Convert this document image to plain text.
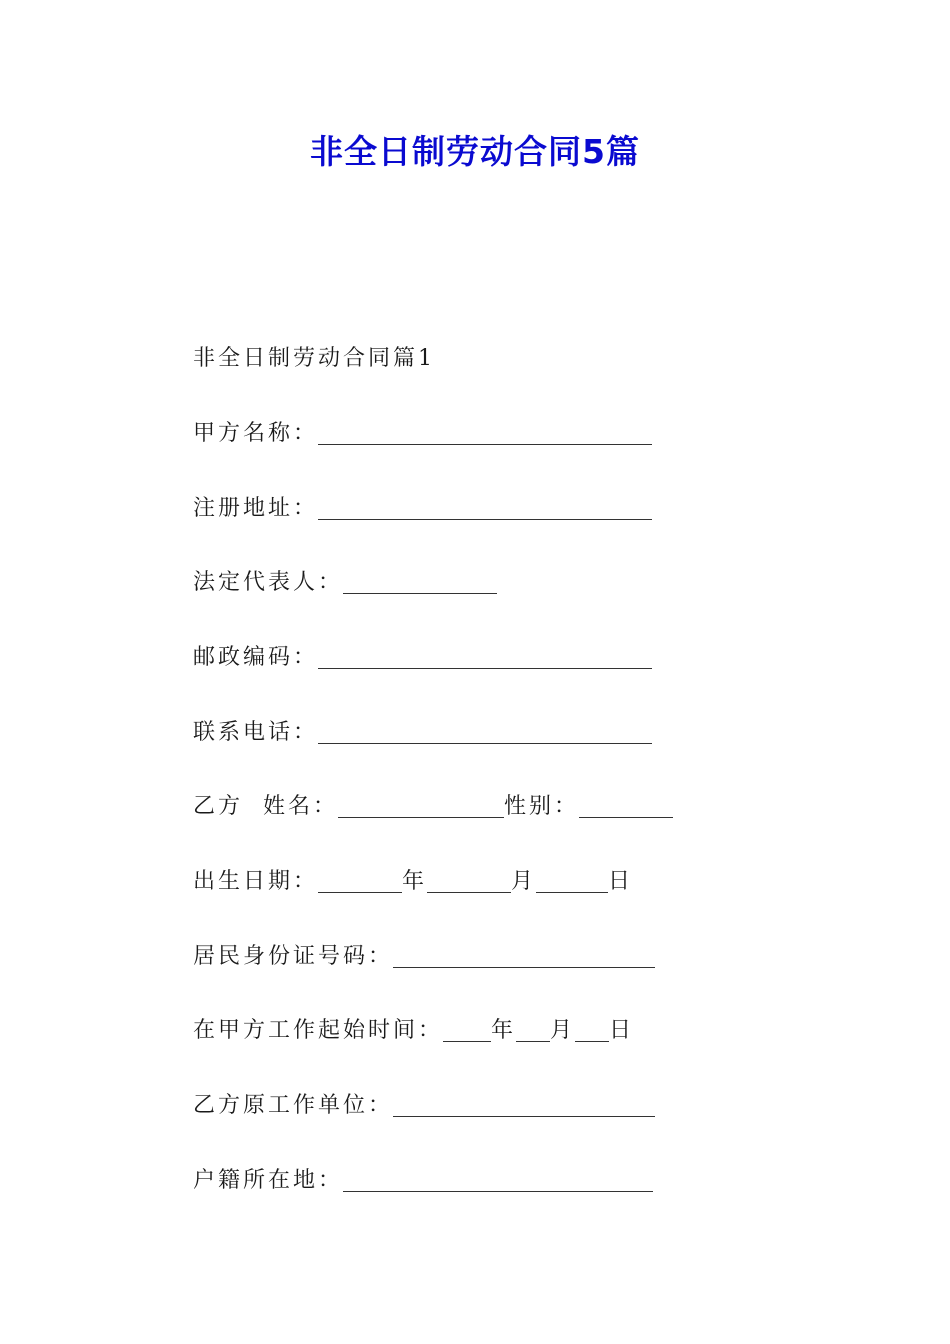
非全日制劳动合同5篇
非全日制劳动合同篇1
甲方名称：
注册地址：
法定代表人：
邮政编码：
联系电话：
乙方  姓名：	性别：
出生日期：	年	月	日
居民身份证号码：
在甲方工作起始时间： 年 月 日
乙方原工作单位：
户籍所在地：
